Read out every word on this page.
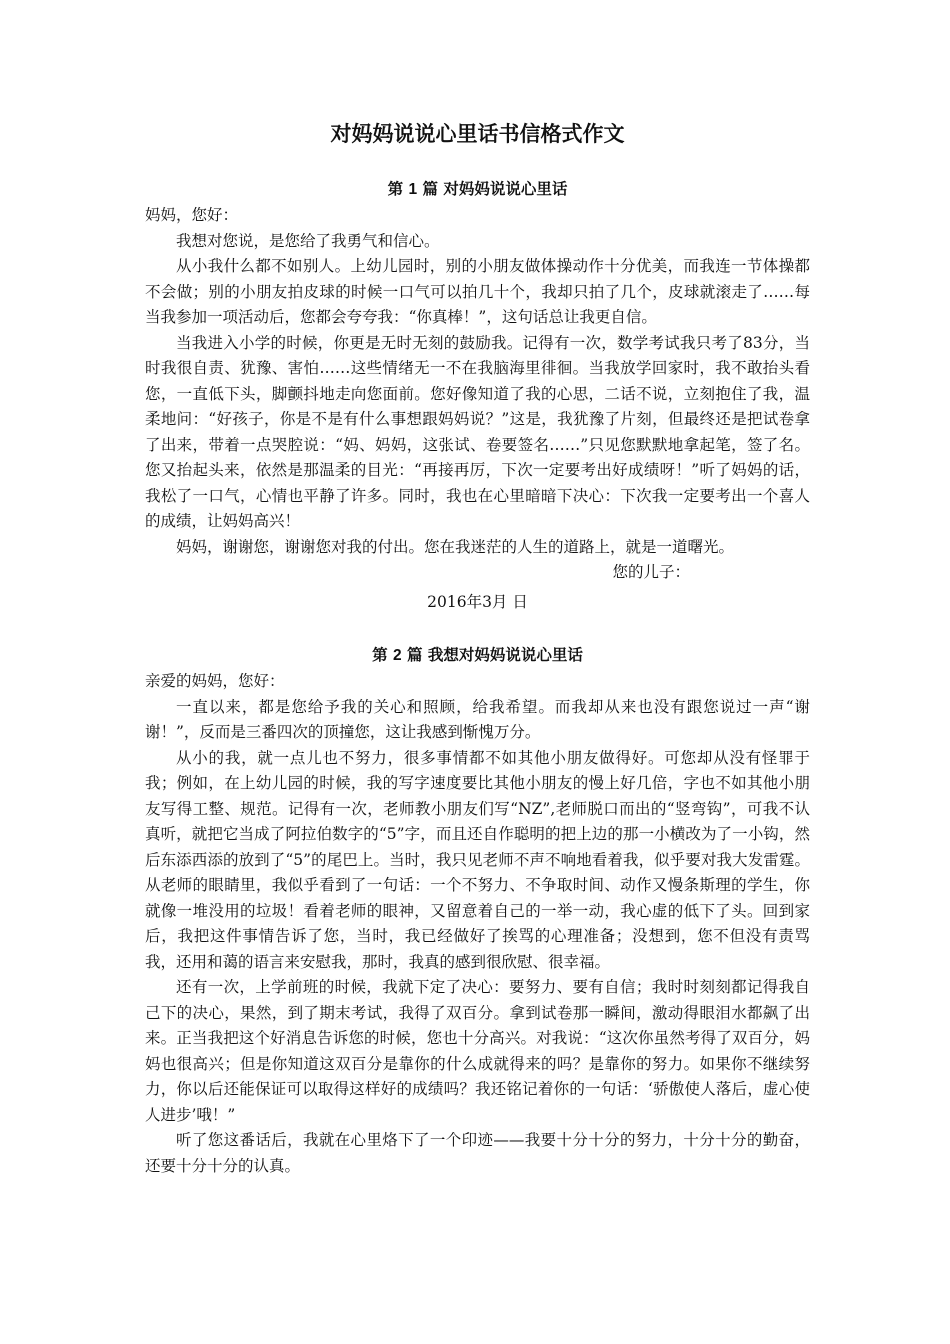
对妈妈说说心里话书信格式作文
第 1 篇 对妈妈说说心里话

妈妈，您好：

我想对您说，是您给了我勇气和信心。

从小我什么都不如别人。上幼儿园时，别的小朋友做体操动作十分优美，而我连一节体操都不会做；别的小朋友拍皮球的时候一口气可以拍几十个，我却只拍了几个，皮球就滚走了……每当我参加一项活动后，您都会夸夸我：“你真棒！”，这句话总让我更自信。

当我进入小学的时候，你更是无时无刻的鼓励我。记得有一次，数学考试我只考了83分，当时我很自责、犹豫、害怕……这些情绪无一不在我脑海里徘徊。当我放学回家时，我不敢抬头看您，一直低下头，脚颤抖地走向您面前。您好像知道了我的心思，二话不说，立刻抱住了我，温柔地问：“好孩子，你是不是有什么事想跟妈妈说？”这是，我犹豫了片刻，但最终还是把试卷拿了出来，带着一点哭腔说：“妈、妈妈，这张试、卷要签名……”只见您默默地拿起笔，签了名。您又抬起头来，依然是那温柔的目光：“再接再厉，下次一定要考出好成绩呀！”听了妈妈的话，我松了一口气，心情也平静了许多。同时，我也在心里暗暗下决心：下次我一定要考出一个喜人的成绩，让妈妈高兴！

妈妈，谢谢您，谢谢您对我的付出。您在我迷茫的人生的道路上，就是一道曙光。

您的儿子：

2016年3月 日

第 2 篇 我想对妈妈说说心里话

亲爱的妈妈，您好：

一直以来，都是您给予我的关心和照顾，给我希望。而我却从来也没有跟您说过一声“谢谢！”，反而是三番四次的顶撞您，这让我感到惭愧万分。

从小的我，就一点儿也不努力，很多事情都不如其他小朋友做得好。可您却从没有怪罪于我；例如，在上幼儿园的时候，我的写字速度要比其他小朋友的慢上好几倍，字也不如其他小朋友写得工整、规范。记得有一次，老师教小朋友们写“NZ”,老师脱口而出的“竖弯钩”，可我不认真听，就把它当成了阿拉伯数字的“5”字，而且还自作聪明的把上边的那一小横改为了一小钩，然后东添西添的放到了“5”的尾巴上。当时，我只见老师不声不响地看着我，似乎要对我大发雷霆。从老师的眼睛里，我似乎看到了一句话：一个不努力、不争取时间、动作又慢条斯理的学生，你就像一堆没用的垃圾！看着老师的眼神，又留意着自己的一举一动，我心虚的低下了头。回到家后，我把这件事情告诉了您，当时，我已经做好了挨骂的心理准备；没想到，您不但没有责骂我，还用和蔼的语言来安慰我，那时，我真的感到很欣慰、很幸福。

还有一次，上学前班的时候，我就下定了决心：要努力、要有自信；我时时刻刻都记得我自己下的决心，果然，到了期末考试，我得了双百分。拿到试卷那一瞬间，激动得眼泪水都飙了出来。正当我把这个好消息告诉您的时候，您也十分高兴。对我说：“这次你虽然考得了双百分，妈妈也很高兴；但是你知道这双百分是靠你的什么成就得来的吗？是靠你的努力。如果你不继续努力，你以后还能保证可以取得这样好的成绩吗？我还铭记着你的一句话：‘骄傲使人落后，虚心使人进步’哦！”

听了您这番话后，我就在心里烙下了一个印迹——我要十分十分的努力，十分十分的勤奋，还要十分十分的认真。
